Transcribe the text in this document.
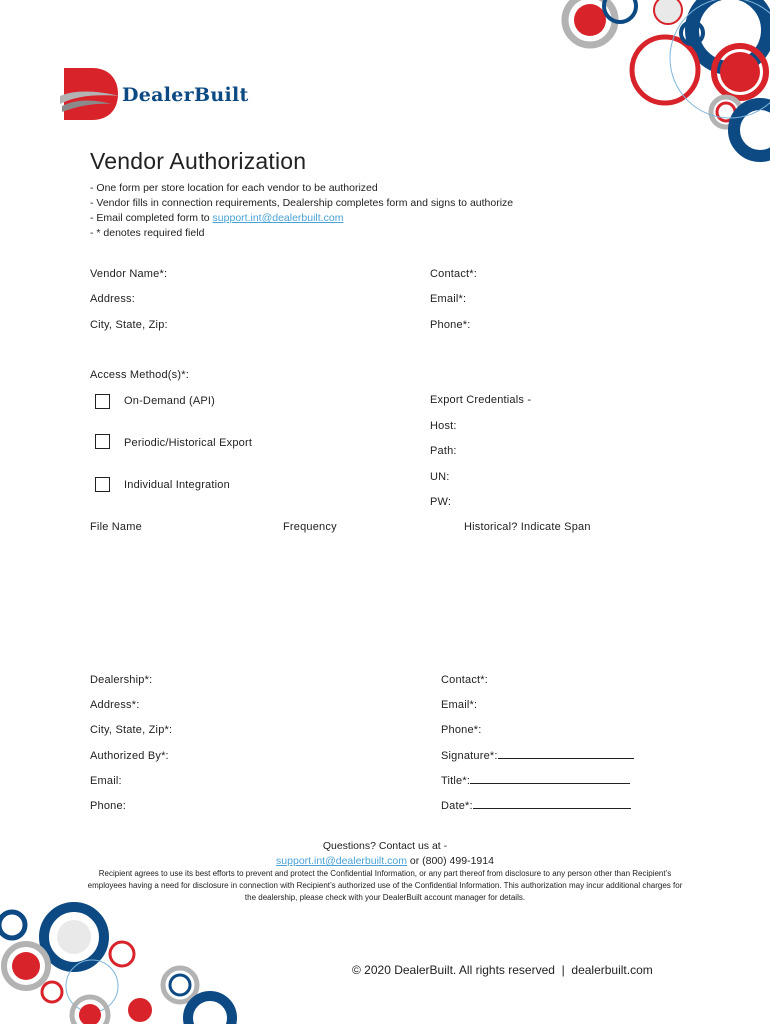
DealerBuilt
Vendor Authorization
- One form per store location for each vendor to be authorized
- Vendor fills in connection requirements, Dealership completes form and signs to authorize
- Email completed form to support.int@dealerbuilt.com
- * denotes required field
Vendor Name*:	Contact*:
Address:	Email*:
City, State, Zip:	Phone*:
Access Method(s)*:
On-Demand (API)
Periodic/Historical Export
Individual Integration
Export Credentials -
Host:
Path:
UN:
PW:
File Name	Frequency	Historical? Indicate Span
Dealership*:	Contact*:
Address*:	Email*:
City, State, Zip*:	Phone*:
Authorized By*:	Signature*:
Email:	Title*:
Phone:	Date*:
Questions? Contact us at -
support.int@dealerbuilt.com or (800) 499-1914
Recipient agrees to use its best efforts to prevent and protect the Confidential Information, or any part thereof from disclosure to any person other than Recipient’s
employees having a need for disclosure in connection with Recipient’s authorized use of the Confidential Information. This authorization may incur additional charges for
the dealership, please check with your DealerBuilt account manager for details.
© 2020 DealerBuilt. All rights reserved  |  dealerbuilt.com
